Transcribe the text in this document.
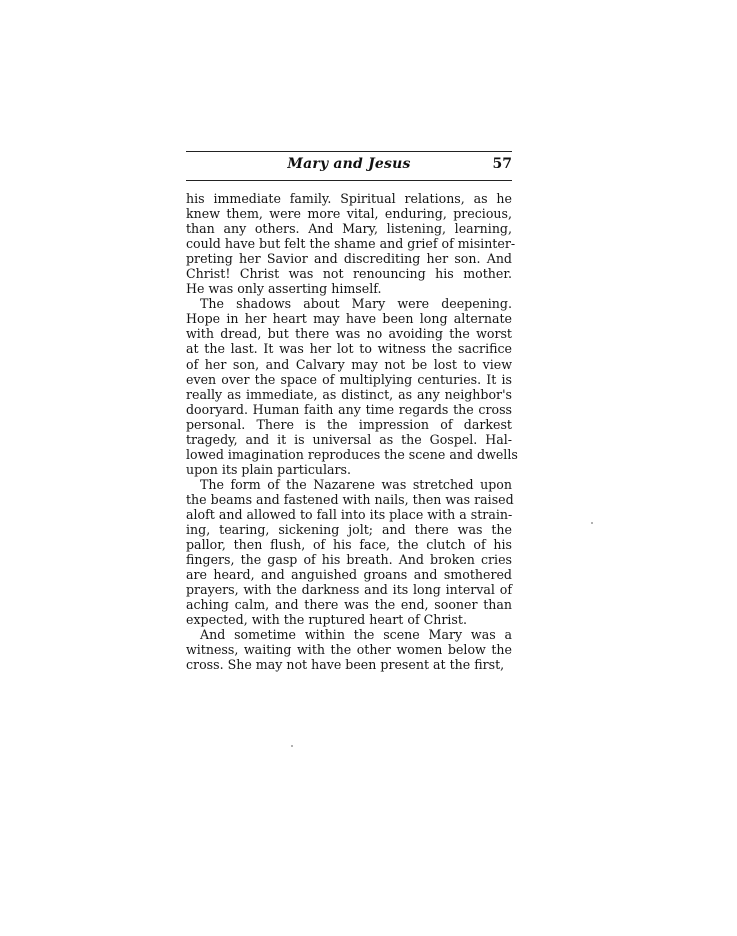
Mary and Jesus	57
his immediate family. Spiritual relations, as he
knew them, were more vital, enduring, precious,
than any others. And Mary, listening, learning,
could have but felt the shame and grief of misinter-
preting her Savior and discrediting her son. And
Christ! Christ was not renouncing his mother.
He was only asserting himself.
The shadows about Mary were deepening.
Hope in her heart may have been long alternate
with dread, but there was no avoiding the worst
at the last. It was her lot to witness the sacrifice
of her son, and Calvary may not be lost to view
even over the space of multiplying centuries. It is
really as immediate, as distinct, as any neighbor's
dooryard. Human faith any time regards the cross
personal. There is the impression of darkest
tragedy, and it is universal as the Gospel. Hal-
lowed imagination reproduces the scene and dwells
upon its plain particulars.
The form of the Nazarene was stretched upon
the beams and fastened with nails, then was raised
aloft and allowed to fall into its place with a strain-
ing, tearing, sickening jolt; and there was the
pallor, then flush, of his face, the clutch of his
fingers, the gasp of his breath. And broken cries
are heard, and anguished groans and smothered
prayers, with the darkness and its long interval of
aching calm, and there was the end, sooner than
expected, with the ruptured heart of Christ.
And sometime within the scene Mary was a
witness, waiting with the other women below the
cross. She may not have been present at the first,
